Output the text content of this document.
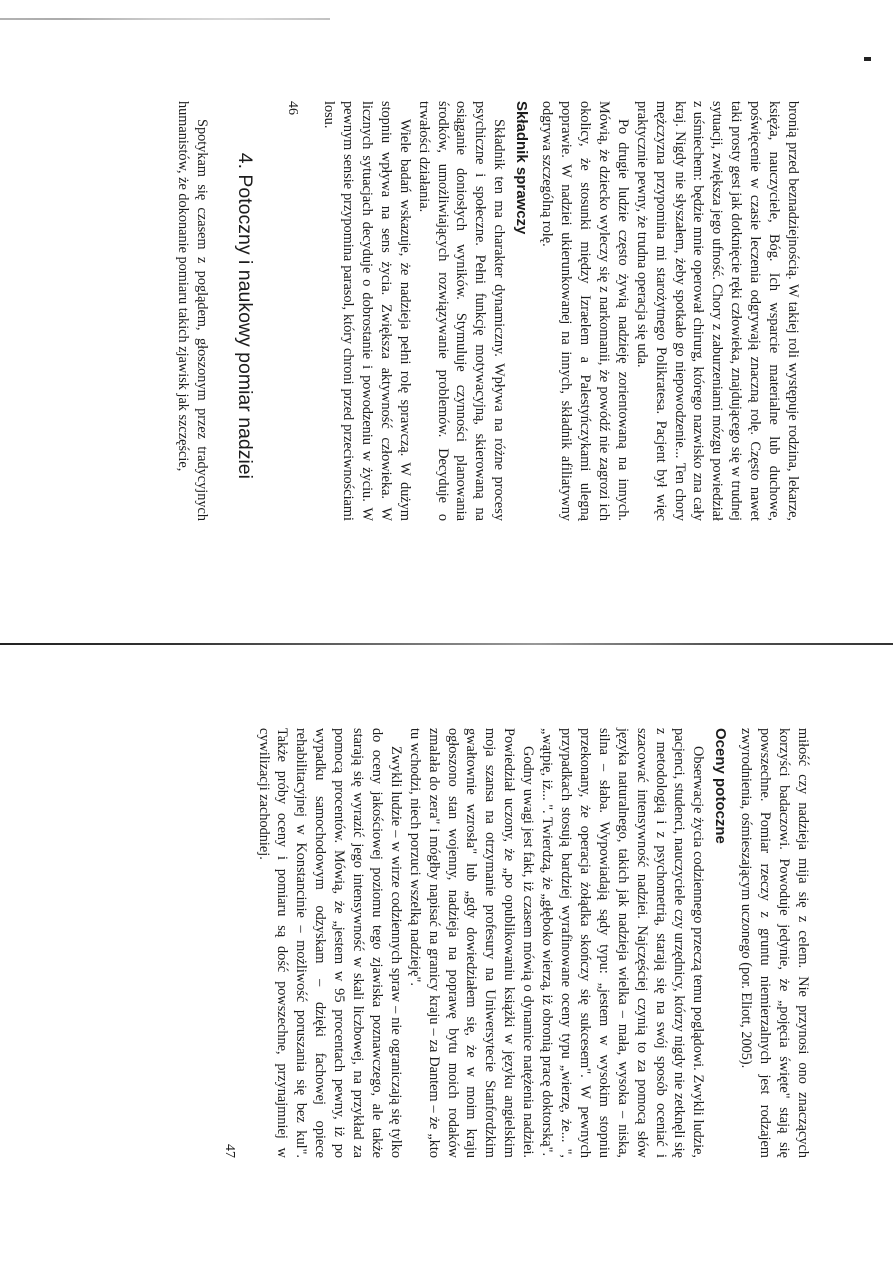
bronią przed beznadziejnością. W takiej roli występuje rodzina, lekarze, księża, nauczyciele, Bóg. Ich wsparcie materialne lub duchowe, poświęcenie w czasie leczenia odgrywają znaczną rolę. Często nawet taki prosty gest jak dotknięcie ręki człowieka, znajdującego się w trudnej sytuacji, zwiększa jego ufność. Chory z zaburzeniami mózgu powiedział z uśmiechem: będzie mnie operował chirurg, którego nazwisko zna cały kraj. Nigdy nie słyszałem, żeby spotkało go niepowodzenie... Ten chory mężczyzna przypomina mi starożytnego Polikratesa. Pacjent był więc praktycznie pewny, że trudna operacja się uda.

Po drugie ludzie często żywią nadzieję zorientowaną na innych. Mówią, że dziecko wyleczy się z narkomanii, że powódź nie zagrozi ich okolicy, że stosunki między Izraelem a Palestyńczykami ulegną poprawie. W nadziei ukierunkowanej na innych, składnik afiliatywny odgrywa szczególną rolę.

Składnik sprawczy

Składnik ten ma charakter dynamiczny. Wpływa na różne procesy psychiczne i społeczne. Pełni funkcję motywacyjną, skierowaną na osiąganie doniosłych wyników. Stymuluje czynności planowania środków, umożliwiających rozwiązywanie problemów. Decyduje o trwałości działania.

Wiele badań wskazuje, że nadzieja pełni rolę sprawczą. W dużym stopniu wpływa na sens życia. Zwiększa aktywność człowieka. W licznych sytuacjach decyduje o dobrostanie i powodzeniu w życiu. W pewnym sensie przypomina parasol, który chroni przed przeciwnościami losu.

46
4. Potoczny i naukowy pomiar nadziei

Spotykam się czasem z poglądem, głoszonym przez tradycyjnych humanistów, że dokonanie pomiaru takich zjawisk jak szczęście,

miłość czy nadzieja mija się z celem. Nie przynosi ono znaczących korzyści badaczowi. Powoduje jedynie, że „pojęcia święte" stają się powszechne. Pomiar rzeczy z gruntu niemierzalnych jest rodzajem zwyrodnienia, ośmieszającym uczonego (por. Eliott, 2005).

Oceny potoczne

Obserwacje życia codziennego przeczą temu poglądowi. Zwykli ludzie, pacjenci, studenci, nauczyciele czy urzędnicy, którzy nigdy nie zetknęli się z metodologią i z psychometrią, starają się na swój sposób oceniać i szacować intensywność nadziei. Najczęściej czynią to za pomocą słów języka naturalnego, takich jak nadzieja wielka – mała, wysoka – niska, silna – słaba. Wypowiadają sądy typu: „jestem w wysokim stopniu przekonany, że operacja żołądka skończy się sukcesem". W pewnych przypadkach stosują bardziej wyrafinowane oceny typu „wierzę, że... ", „wątpię, iż... ". Twierdzą, że „głęboko wierzą, iż obronią pracę doktorską".

Godny uwagi jest fakt, iż czasem mówią o dynamice natężenia nadziei. Powiedział uczony, że „po opublikowaniu książki w języku angielskim moja szansa na otrzymanie profesury na Uniwersytecie Stanfordzkim gwałtownie wzrosła" lub „gdy dowiedziałem się, że w moim kraju ogłoszono stan wojenny, nadzieja na poprawę bytu moich rodaków zmalała do zera" i mógłby napisać na granicy kraju – za Dantem – że „kto tu wchodzi, niech porzuci wszelką nadzieję".

Zwykli ludzie – w wirze codziennych spraw – nie ograniczają się tylko do oceny jakościowej poziomu tego zjawiska poznawczego, ale także starają się wyrazić jego intensywność w skali liczbowej, na przykład za pomocą procentów. Mówią, że „jestem w 95 procentach pewny, iż po wypadku samochodowym odzyskam – dzięki fachowej opiece rehabilitacyjnej w Konstancinie – możliwość poruszania się bez kul". Także próby oceny i pomiaru są dość powszechne, przynajmniej w cywilizacji zachodniej.

47
